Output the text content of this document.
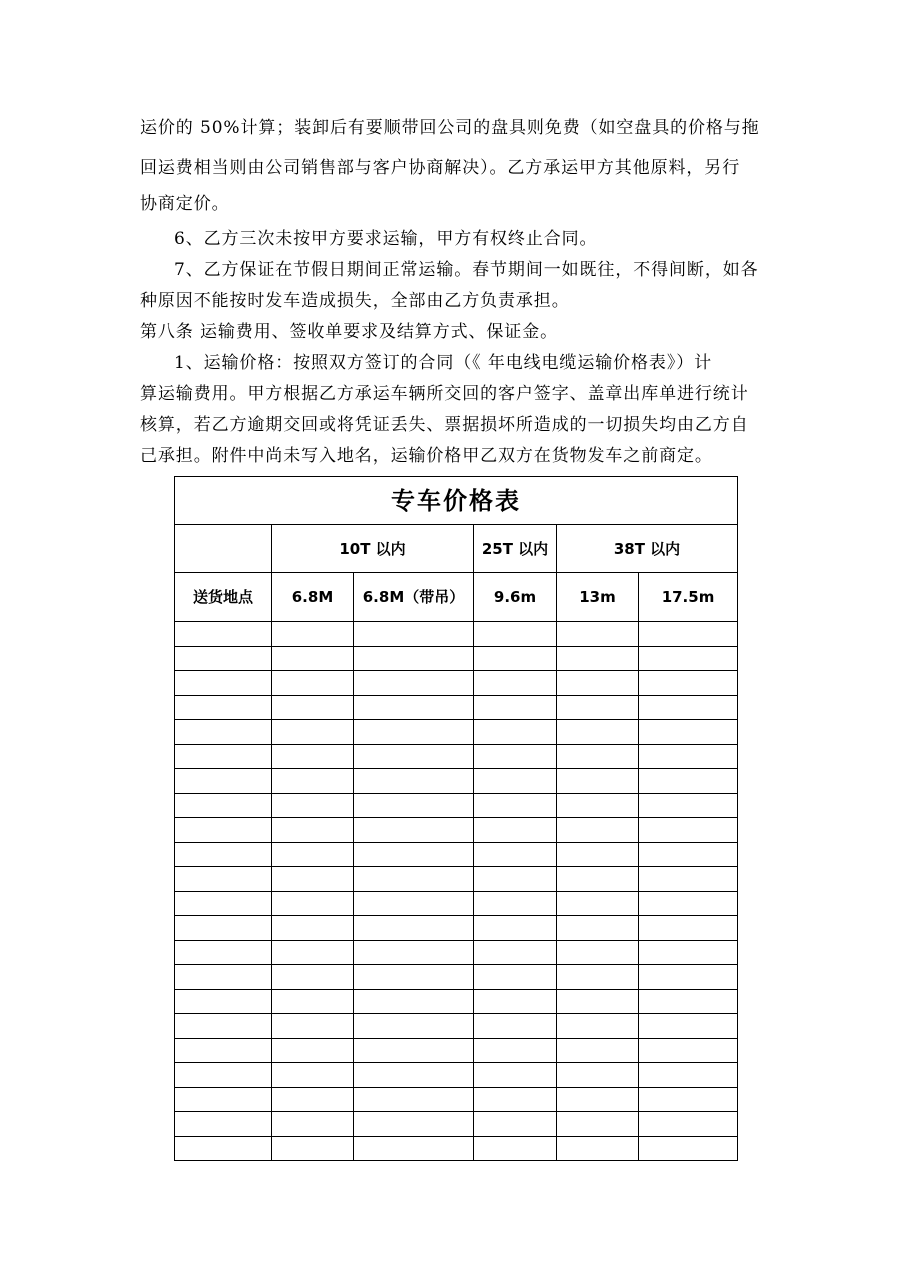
运价的 50%计算；装卸后有要顺带回公司的盘具则免费（如空盘具的价格与拖
回运费相当则由公司销售部与客户协商解决）。乙方承运甲方其他原料，另行
协商定价。
6、乙方三次未按甲方要求运输，甲方有权终止合同。
7、乙方保证在节假日期间正常运输。春节期间一如既往，不得间断，如各
种原因不能按时发车造成损失，全部由乙方负责承担。
第八条 运输费用、签收单要求及结算方式、保证金。
1、运输价格：按照双方签订的合同（《 年电线电缆运输价格表》）计
算运输费用。甲方根据乙方承运车辆所交回的客户签字、盖章出库单进行统计
核算，若乙方逾期交回或将凭证丢失、票据损坏所造成的一切损失均由乙方自
己承担。附件中尚未写入地名，运输价格甲乙双方在货物发车之前商定。
专车价格表					
	10T 以内		25T 以内	38T 以内	
送货地点	6.8M	6.8M（带吊）	9.6m	13m	17.5m
